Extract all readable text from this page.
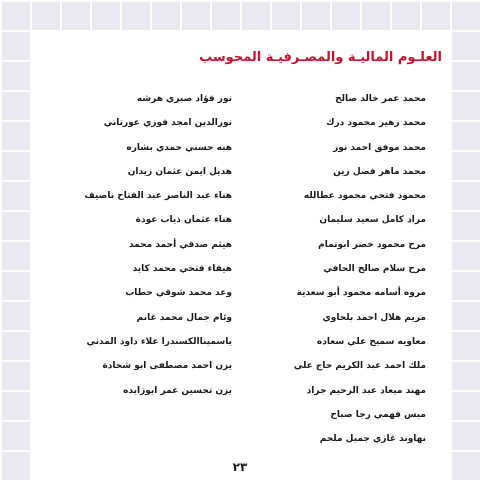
العلـوم الماليـة والمصـرفيـة المحوسب
محمد عمر خالد صالح
محمد زهير محمود درك
محمد موفق احمد نور
محمد ماهر فضل زين
محمود فتحي محمود عطالله
مراد كامل سعيد سليمان
مرح محمود خضر ابوتمام
مرح سلام صالح الحافي
مروه أسامه محمود أبو سعدية
مريم هلال احمد بلحاوي
معاويه سميح علي سعاده
ملك احمد عبد الكريم حاج علي
مهند ميعاد عبد الرحيم جراد
ميس فهمي رجا صباح
نهاوند غازي جميل ملحم
نور فؤاد صبري هرشه
نورالدين امجد فوزي عورتاني
هبه حسني حمدي بشاره
هديل ايمن عثمان زيدان
هناء عبد الناصر عبد الفتاح ناصيف
هناء عثمان ذياب عودة
هيثم صدقي أحمد محمد
هيفاء فتحي محمد كايد
وعد محمد شوقي حطاب
وئام جمال محمد غانم
ياسميناالكسندرا علاء داود المدني
يزن احمد مصطفى ابو شحادة
يزن تحسين عمر ابوزايده
٢٣
